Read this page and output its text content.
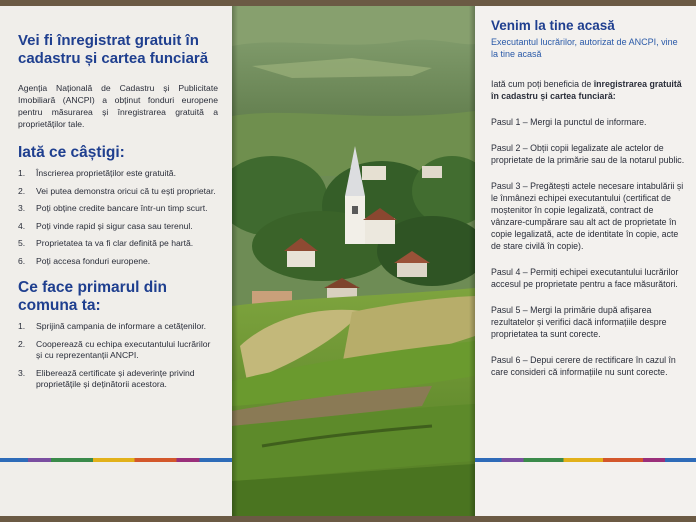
Vei fi înregistrat gratuit în cadastru și cartea funciară

Agenția Națională de Cadastru și Publicitate Imobiliară (ANCPI) a obținut fonduri europene pentru măsurarea și înregistrarea gratuită a proprietăților tale.

Iată ce câștigi:
1.	Înscrierea proprietăților este gratuită.
2.	Vei putea demonstra oricui că tu ești proprietar.
3.	Poți obține credite bancare într-un timp scurt.
4.	Poți vinde rapid și sigur casa sau terenul.
5.	Proprietatea ta va fi clar definită pe hartă.
6.	Poți accesa fonduri europene.
Ce face primarul din comuna ta:
1.	Sprijină campania de informare a cetățenilor.
2.	Cooperează cu echipa executantului lucrărilor și cu reprezentanții ANCPI.
3.	Eliberează certificate și adeverințe privind proprietățile și deținătorii acestora.
Venim la tine acasă

Executantul lucrărilor, autorizat de ANCPI, vine la tine acasă

Iată cum poți beneficia de înregistrarea gratuită în cadastru și cartea funciară:

Pasul 1 – Mergi la punctul de informare.

Pasul 2 – Obții copii legalizate ale actelor de proprietate de la primărie sau de la notarul public.

Pasul 3 – Pregătești actele necesare intabulării și le înmânezi echipei executantului (certificat de moștenitor în copie legalizată, contract de vânzare-cumpărare sau alt act de proprietate în copie legalizată, acte de identitate în copie, acte de stare civilă în copie).

Pasul 4 – Permiți echipei executantului lucrărilor accesul pe proprietate pentru a face măsurători.

Pasul 5 – Mergi la primărie după afișarea rezultatelor și verifici dacă informațiile despre proprietatea ta sunt corecte.

Pasul 6 – Depui cerere de rectificare în cazul în care consideri că informațiile nu sunt corecte.
